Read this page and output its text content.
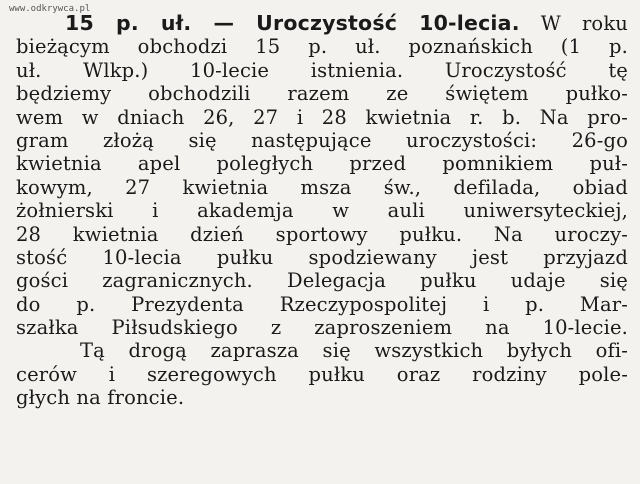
www.odkrywca.pl
15 p. uł. — Uroczystość 10-lecia. W roku
bieżącym obchodzi 15 p. uł. poznańskich (1 p.
uł. Wlkp.) 10-lecie istnienia. Uroczystość tę
będziemy obchodzili razem ze świętem pułko-
wem w dniach 26, 27 i 28 kwietnia r. b. Na pro-
gram złożą się następujące uroczystości: 26-go
kwietnia apel poległych przed pomnikiem puł-
kowym, 27 kwietnia msza św., defilada, obiad
żołnierski i akademja w auli uniwersyteckiej,
28 kwietnia dzień sportowy pułku. Na uroczy-
stość 10-lecia pułku spodziewany jest przyjazd
gości zagranicznych. Delegacja pułku udaje się
do p. Prezydenta Rzeczypospolitej i p. Mar-
szałka Piłsudskiego z zaproszeniem na 10-lecie.
Tą drogą zaprasza się wszystkich byłych ofi-
cerów i szeregowych pułku oraz rodziny pole-
głych na froncie.
